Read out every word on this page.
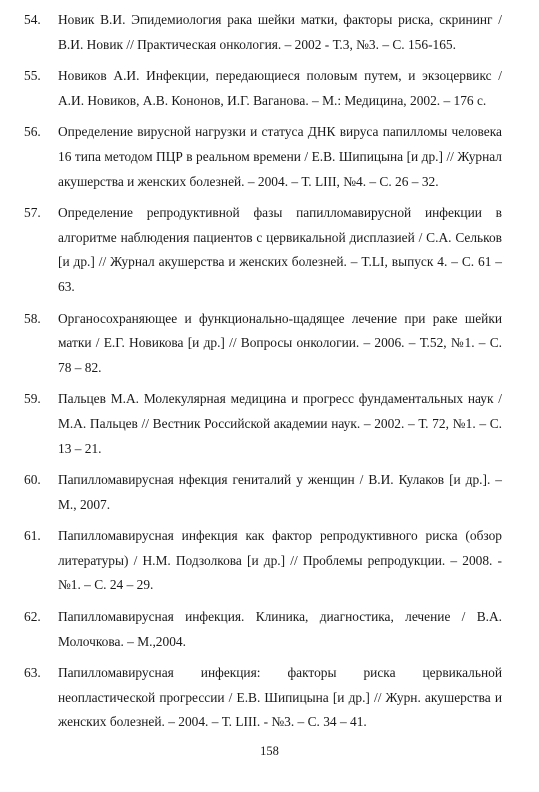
54. Новик В.И. Эпидемиология рака шейки матки, факторы риска, скрининг / В.И. Новик // Практическая онкология. – 2002 - Т.3, №3. – С. 156-165.
55. Новиков А.И. Инфекции, передающиеся половым путем, и экзоцервикс / А.И. Новиков, А.В. Кононов, И.Г. Ваганова. – М.: Медицина, 2002. – 176 с.
56. Определение вирусной нагрузки и статуса ДНК вируса папилломы человека 16 типа методом ПЦР в реальном времени / Е.В. Шипицына [и др.] // Журнал акушерства и женских болезней. – 2004. – Т. LIII, №4. – С. 26 – 32.
57. Определение репродуктивной фазы папилломавирусной инфекции в алгоритме наблюдения пациентов с цервикальной дисплазией / С.А. Сельков [и др.] // Журнал акушерства и женских болезней. – T.LI, выпуск 4. – С. 61 – 63.
58. Органосохраняющее и функционально-щадящее лечение при раке шейки матки / Е.Г. Новикова [и др.] // Вопросы онкологии. – 2006. – Т.52, №1. – С. 78 – 82.
59. Пальцев М.А. Молекулярная медицина и прогресс фундаментальных наук / М.А. Пальцев // Вестник Российской академии наук. – 2002. – Т. 72, №1. – С. 13 – 21.
60. Папилломавирусная нфекция гениталий у женщин / В.И. Кулаков [и др.]. – М., 2007.
61. Папилломавирусная инфекция как фактор репродуктивного риска (обзор литературы) / Н.М. Подзолкова [и др.] // Проблемы репродукции. – 2008. - №1. – С. 24 – 29.
62. Папилломавирусная инфекция. Клиника, диагностика, лечение / В.А. Молочкова. – М.,2004.
63. Папилломавирусная инфекция: факторы риска цервикальной неопластической прогрессии / Е.В. Шипицына [и др.] // Журн. акушерства и женских болезней. – 2004. – Т. LIII. - №3. – С. 34 – 41.
158
